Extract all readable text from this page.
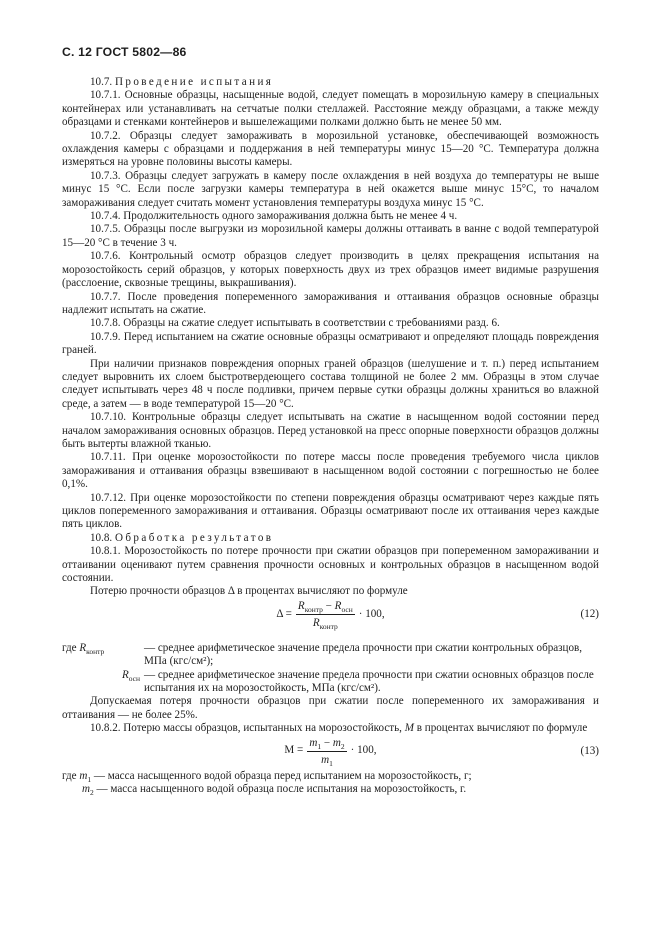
С. 12 ГОСТ 5802—86

10.7. Проведение испытания

10.7.1. Основные образцы, насыщенные водой, следует помещать в морозильную камеру в специальных контейнерах или устанавливать на сетчатые полки стеллажей. Расстояние между образцами, а также между образцами и стенками контейнеров и вышележащими полками должно быть не менее 50 мм.

10.7.2. Образцы следует замораживать в морозильной установке, обеспечивающей возможность охлаждения камеры с образцами и поддержания в ней температуры минус 15—20 °С. Температура должна измеряться на уровне половины высоты камеры.

10.7.3. Образцы следует загружать в камеру после охлаждения в ней воздуха до температуры не выше минус 15 °С. Если после загрузки камеры температура в ней окажется выше минус 15°С, то началом замораживания следует считать момент установления температуры воздуха минус 15 °С.

10.7.4. Продолжительность одного замораживания должна быть не менее 4 ч.

10.7.5. Образцы после выгрузки из морозильной камеры должны оттаивать в ванне с водой температурой 15—20 °С в течение 3 ч.

10.7.6. Контрольный осмотр образцов следует производить в целях прекращения испытания на морозостойкость серий образцов, у которых поверхность двух из трех образцов имеет видимые разрушения (расслоение, сквозные трещины, выкрашивания).

10.7.7. После проведения попеременного замораживания и оттаивания образцов основные образцы надлежит испытать на сжатие.

10.7.8. Образцы на сжатие следует испытывать в соответствии с требованиями разд. 6.

10.7.9. Перед испытанием на сжатие основные образцы осматривают и определяют площадь повреждения граней.

При наличии признаков повреждения опорных граней образцов (шелушение и т. п.) перед испытанием следует выровнить их слоем быстротвердеющего состава толщиной не более 2 мм. Образцы в этом случае следует испытывать через 48 ч после подливки, причем первые сутки образцы должны храниться во влажной среде, а затем — в воде температурой 15—20 °С.

10.7.10. Контрольные образцы следует испытывать на сжатие в насыщенном водой состоянии перед началом замораживания основных образцов. Перед установкой на пресс опорные поверхности образцов должны быть вытерты влажной тканью.

10.7.11. При оценке морозостойкости по потере массы после проведения требуемого числа циклов замораживания и оттаивания образцы взвешивают в насыщенном водой состоянии с погрешностью не более 0,1%.

10.7.12. При оценке морозостойкости по степени повреждения образцы осматривают через каждые пять циклов попеременного замораживания и оттаивания. Образцы осматривают после их оттаивания через каждые пять циклов.

10.8. Обработка результатов

10.8.1. Морозостойкость по потере прочности при сжатии образцов при попеременном замораживании и оттаивании оценивают путем сравнения прочности основных и контрольных образцов в насыщенном водой состоянии.

Потерю прочности образцов Δ в процентах вычисляют по формуле

$\Delta = \frac{R_{контр} - R_{осн}}{R_{контр}} \cdot 100$,	(12)
где $R_{контр}$	— среднее арифметическое значение предела прочности при сжатии контрольных образцов, МПа (кгс/см²);
$R_{осн}$ — среднее арифметическое значение предела прочности при сжатии основных образцов после испытания их на морозостойкость, МПа (кгс/см²).

Допускаемая потеря прочности образцов при сжатии после попеременного их замораживания и оттаивания — не более 25%.

10.8.2. Потерю массы образцов, испытанных на морозостойкость, M в процентах вычисляют по формуле

$M = \frac{m_1 - m_2}{m_1} \cdot 100$,	(13)
где $m_1$ — масса насыщенного водой образца перед испытанием на морозостойкость, г;
$m_2$ — масса насыщенного водой образца после испытания на морозостойкость, г.
